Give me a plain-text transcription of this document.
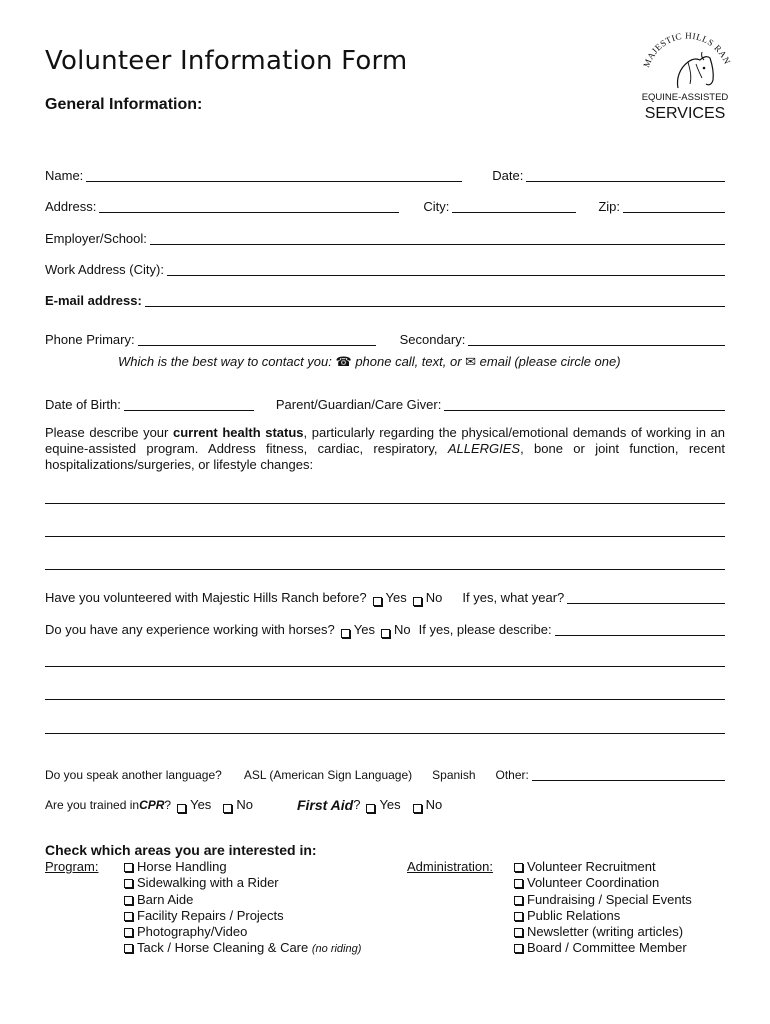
Volunteer Information Form
General Information:
MAJESTIC HILLS RAN
EQUINE-ASSISTED
SERVICES
Name:	Date:
Address:	City:	Zip:
Employer/School:
Work Address (City):
E-mail address:
Phone Primary:	Secondary:
Which is the best way to contact you: ☎ phone call, text, or ✉ email (please circle one)
Date of Birth:	Parent/Guardian/Care Giver:
Please describe your current health status, particularly regarding the physical/emotional demands of working in an equine-assisted program. Address fitness, cardiac, respiratory, ALLERGIES, bone or joint function, recent hospitalizations/surgeries, or lifestyle changes:
Have you volunteered with Majestic Hills Ranch before? Yes No If yes, what year?
Do you have any experience working with horses? Yes No If yes, please describe:
Do you speak another language? ASL (American Sign Language) Spanish Other:
Are you trained in CPR ? Yes No	First Aid ? Yes No
Check which areas you are interested in:
Program:	Horse Handling
Sidewalking with a Rider
Barn Aide
Facility Repairs / Projects
Photography/Video
Tack / Horse Cleaning & Care (no riding)
Administration:	Volunteer Recruitment
Volunteer Coordination
Fundraising / Special Events
Public Relations
Newsletter (writing articles)
Board / Committee Member
